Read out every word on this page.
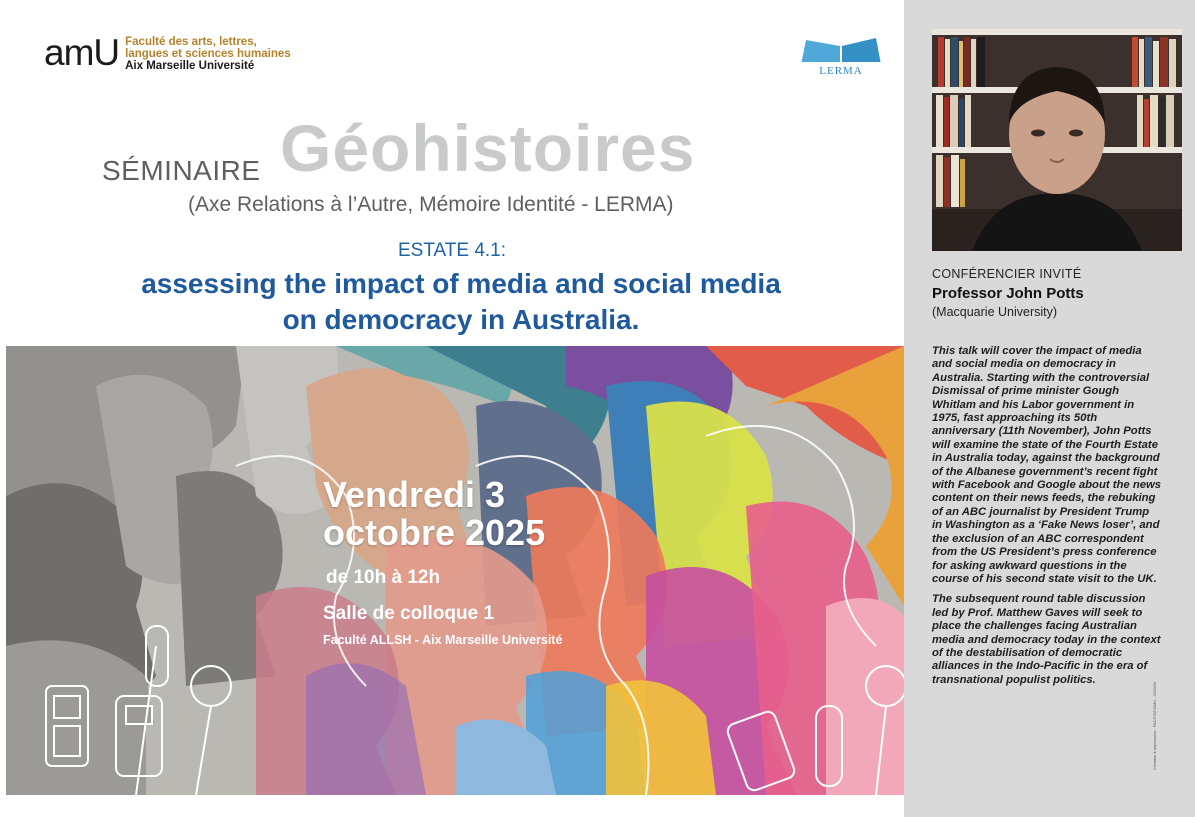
amU Faculté des arts, lettres,
langues et sciences humaines
Aix Marseille Université	LERMA
SÉMINAIRE Géohistoires
(Axe Relations à l’Autre, Mémoire Identité - LERMA)
ESTATE 4.1:
assessing the impact of media and social media
on democracy in Australia.
Vendredi 3
octobre 2025
de 10h à 12h
Salle de colloque 1
Faculté ALLSH - Aix Marseille Université
CONFÉRENCIER INVITÉ
Professor John Potts
(Macquarie University)

This talk will cover the impact of media and social media on democracy in Australia. Starting with the controversial Dismissal of prime minister Gough Whitlam and his Labor government in 1975, fast approaching its 50th anniversary (11th November), John Potts will examine the state of the Fourth Estate in Australia today, against the background of the Albanese government’s recent fight with Facebook and Google about the news content on their news feeds, the rebuking of an ABC journalist by President Trump in Washington as a ‘Fake News loser’, and the exclusion of an ABC correspondent from the US President’s press conference for asking awkward questions in the course of his second state visit to the UK.

The subsequent round table discussion led by Prof. Matthew Gaves will seek to place the challenges facing Australian media and democracy today in the context of the destabilisation of democratic alliances in the Indo-Pacific in the era of transnational populist politics.

Création & impression : FACSTAT/AMU - 2025/05
